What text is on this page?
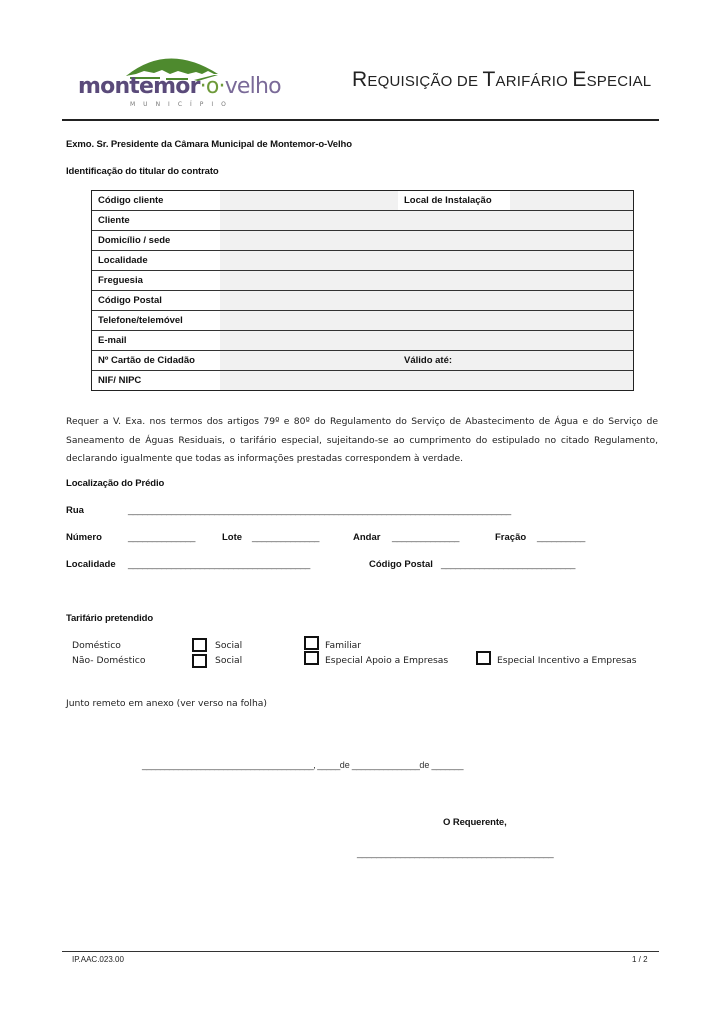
montemor·o·velho
MUNICÍPIO
REQUISIÇÃO DE TARIFÁRIO ESPECIAL
Exmo. Sr. Presidente da Câmara Municipal de Montemor-o-Velho
Identificação do titular do contrato
Código cliente	Local de Instalação
Cliente
Domicílio / sede
Localidade
Freguesia
Código Postal
Telefone/telemóvel
E-mail
Nº Cartão de Cidadão	Válido até:
NIF/ NIPC
Requer a V. Exa. nos termos dos artigos 79º e 80º do Regulamento do Serviço de Abastecimento de Água e do Serviço de Saneamento de Águas Residuais, o tarifário especial, sujeitando-se ao cumprimento do estipulado no citado Regulamento, declarando igualmente que todas as informações prestadas correspondem à verdade.
Localização do Prédio
Rua	________________________________________________________________________________
Número	______________	Lote ______________	Andar ______________	Fração __________
Localidade ______________________________________	Código Postal ____________________________
Tarifário pretendido
Doméstico	Social	Familiar
Não- Doméstico	Social	Especial Apoio a Empresas	Especial Incentivo a Empresas
Junto remeto em anexo (ver verso na folha)
______________________________________, _____de _______________de _______
O Requerente,
_________________________________________
IP.AAC.023.00	1 / 2
